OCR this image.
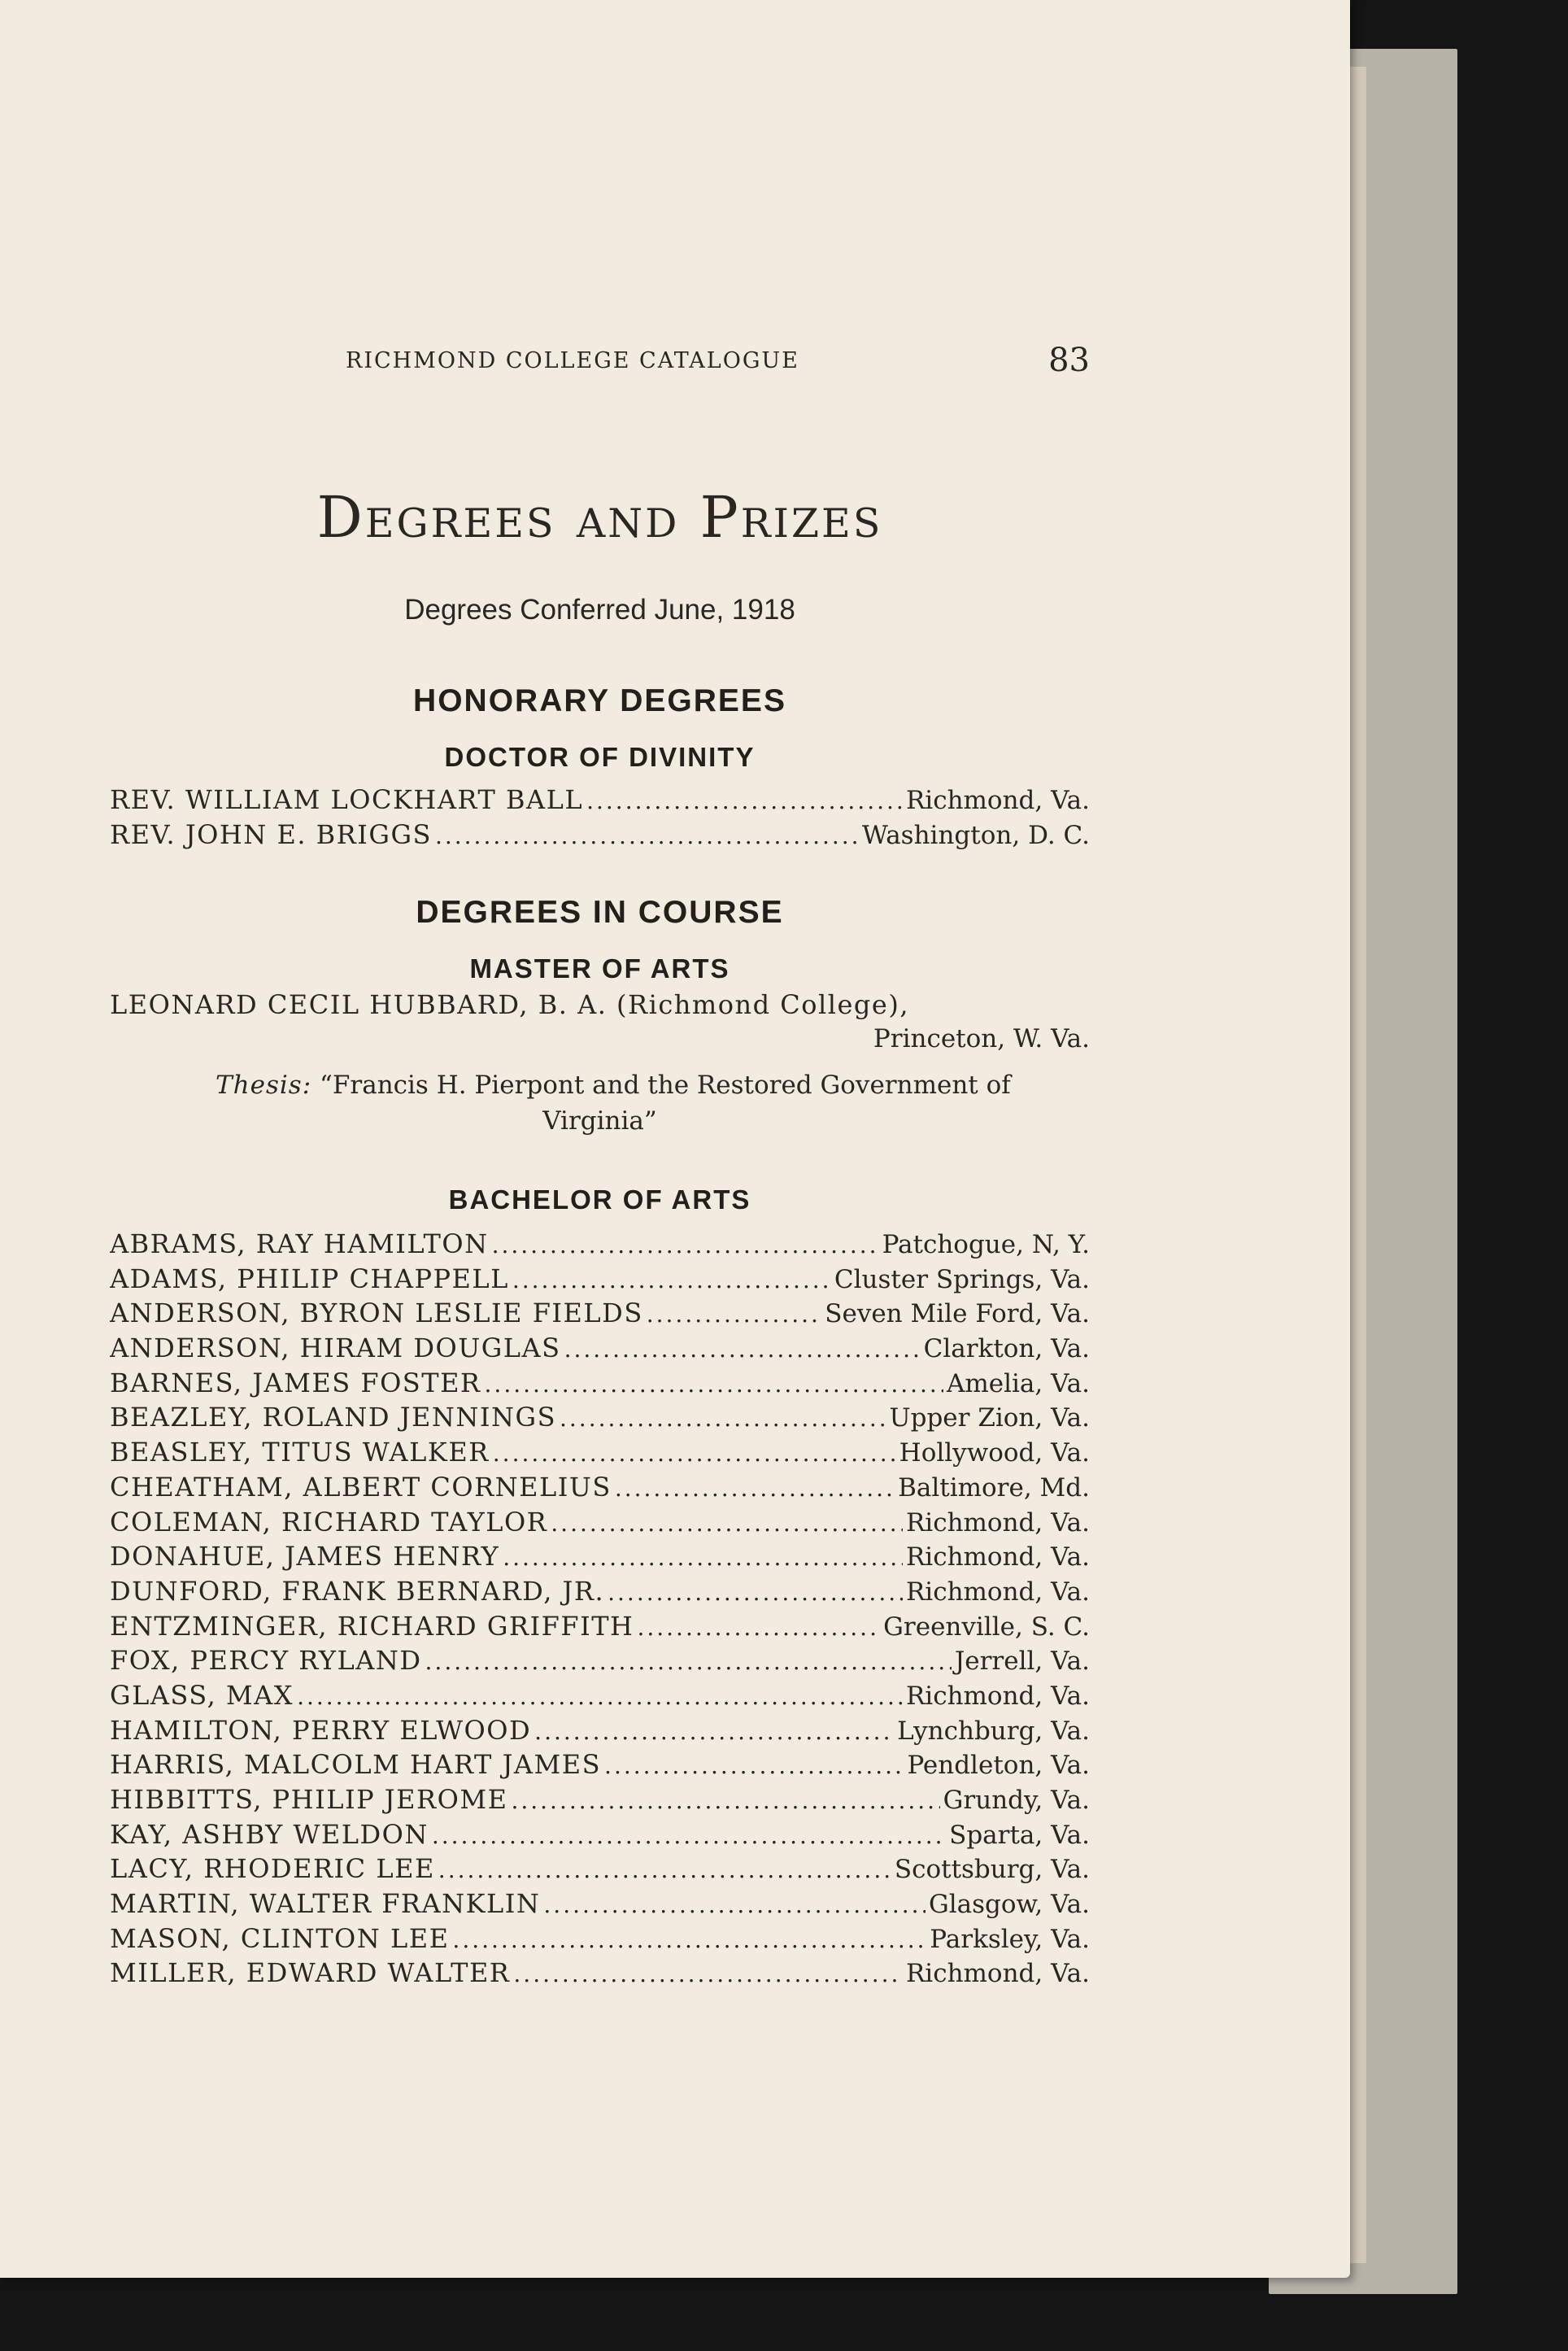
RICHMOND COLLEGE CATALOGUE	83
Degrees and Prizes
Degrees Conferred June, 1918
HONORARY DEGREES
DOCTOR OF DIVINITY
REV. WILLIAM LOCKHART BALL .....	Richmond, Va.
REV. JOHN E. BRIGGS .....	Washington, D. C.
DEGREES IN COURSE
MASTER OF ARTS
LEONARD CECIL HUBBARD, B. A. (Richmond College),
Princeton, W. Va.
Thesis: “Francis H. Pierpont and the Restored Government of
Virginia”
BACHELOR OF ARTS
ABRAMS, RAY HAMILTON .....	Patchogue, N, Y.
ADAMS, PHILIP CHAPPELL .....	Cluster Springs, Va.
ANDERSON, BYRON LESLIE FIELDS .....	Seven Mile Ford, Va.
ANDERSON, HIRAM DOUGLAS .....	Clarkton, Va.
BARNES, JAMES FOSTER .....	Amelia, Va.
BEAZLEY, ROLAND JENNINGS .....	Upper Zion, Va.
BEASLEY, TITUS WALKER .....	Hollywood, Va.
CHEATHAM, ALBERT CORNELIUS .....	Baltimore, Md.
COLEMAN, RICHARD TAYLOR .....	Richmond, Va.
DONAHUE, JAMES HENRY .....	Richmond, Va.
DUNFORD, FRANK BERNARD, JR. .....	Richmond, Va.
ENTZMINGER, RICHARD GRIFFITH .....	Greenville, S. C.
FOX, PERCY RYLAND .....	Jerrell, Va.
GLASS, MAX .....	Richmond, Va.
HAMILTON, PERRY ELWOOD .....	Lynchburg, Va.
HARRIS, MALCOLM HART JAMES .....	Pendleton, Va.
HIBBITTS, PHILIP JEROME .....	Grundy, Va.
KAY, ASHBY WELDON .....	Sparta, Va.
LACY, RHODERIC LEE .....	Scottsburg, Va.
MARTIN, WALTER FRANKLIN .....	Glasgow, Va.
MASON, CLINTON LEE .....	Parksley, Va.
MILLER, EDWARD WALTER .....	Richmond, Va.
